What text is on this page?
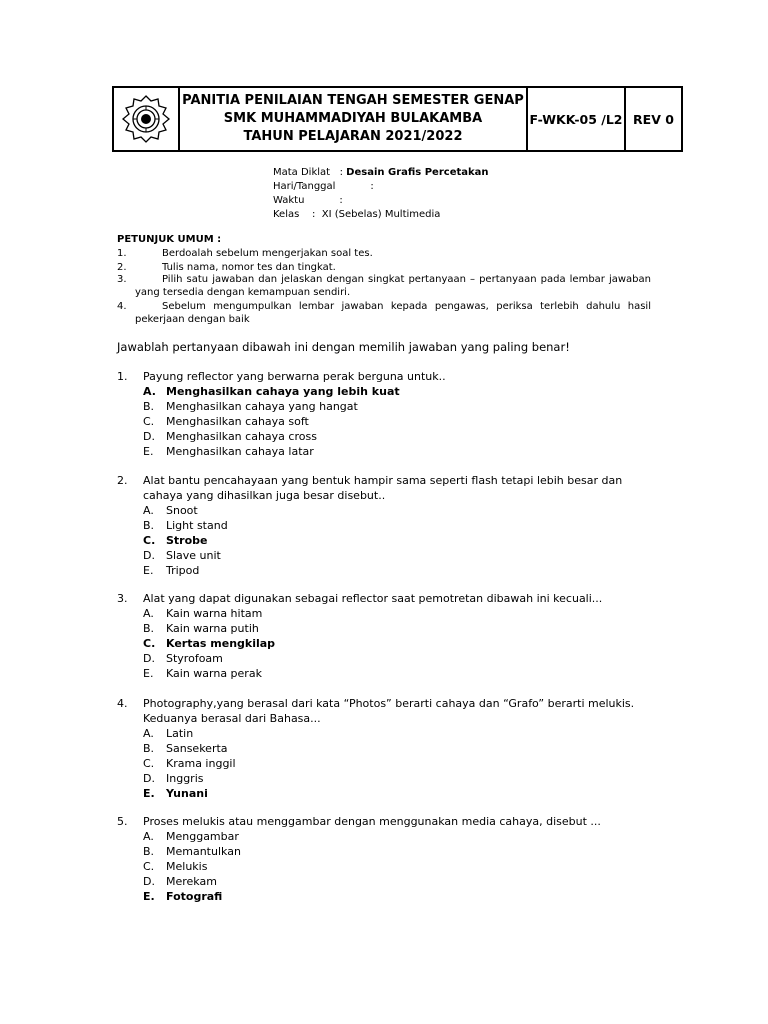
PANITIA PENILAIAN TENGAH SEMESTER GENAP
SMK MUHAMMADIYAH BULAKAMBA
TAHUN PELAJARAN 2021/2022
F-WKK-05 /L2 REV 0
Mata Diklat   : Desain Grafis Percetakan
Hari/Tanggal           :
Waktu           :
Kelas    :  XI (Sebelas) Multimedia
PETUNJUK UMUM :
1.	Berdoalah sebelum mengerjakan soal tes.
2.	Tulis nama, nomor tes dan tingkat.
3.	Pilih satu jawaban dan jelaskan dengan singkat pertanyaan – pertanyaan pada lembar jawaban yang tersedia dengan kemampuan sendiri.
4.	Sebelum mengumpulkan lembar jawaban kepada pengawas, periksa terlebih dahulu hasil pekerjaan dengan baik
Jawablah pertanyaan dibawah ini dengan memilih jawaban yang paling benar!
1. Payung reflector yang berwarna perak berguna untuk..
A. Menghasilkan cahaya yang lebih kuat
B. Menghasilkan cahaya yang hangat
C. Menghasilkan cahaya soft
D. Menghasilkan cahaya cross
E. Menghasilkan cahaya latar
2. Alat bantu pencahayaan yang bentuk hampir sama seperti flash tetapi lebih besar dan cahaya yang dihasilkan juga besar disebut..
A. Snoot
B. Light stand
C. Strobe
D. Slave unit
E. Tripod
3. Alat yang dapat digunakan sebagai reflector saat pemotretan dibawah ini kecuali...
A. Kain warna hitam
B. Kain warna putih
C. Kertas mengkilap
D. Styrofoam
E. Kain warna perak
4. Photography,yang berasal dari kata “Photos” berarti cahaya dan “Grafo” berarti melukis. Keduanya berasal dari Bahasa...
A. Latin
B. Sansekerta
C. Krama inggil
D. Inggris
E. Yunani
5. Proses melukis atau menggambar dengan menggunakan media cahaya, disebut ...
A. Menggambar
B. Memantulkan
C. Melukis
D. Merekam
E. Fotografi
